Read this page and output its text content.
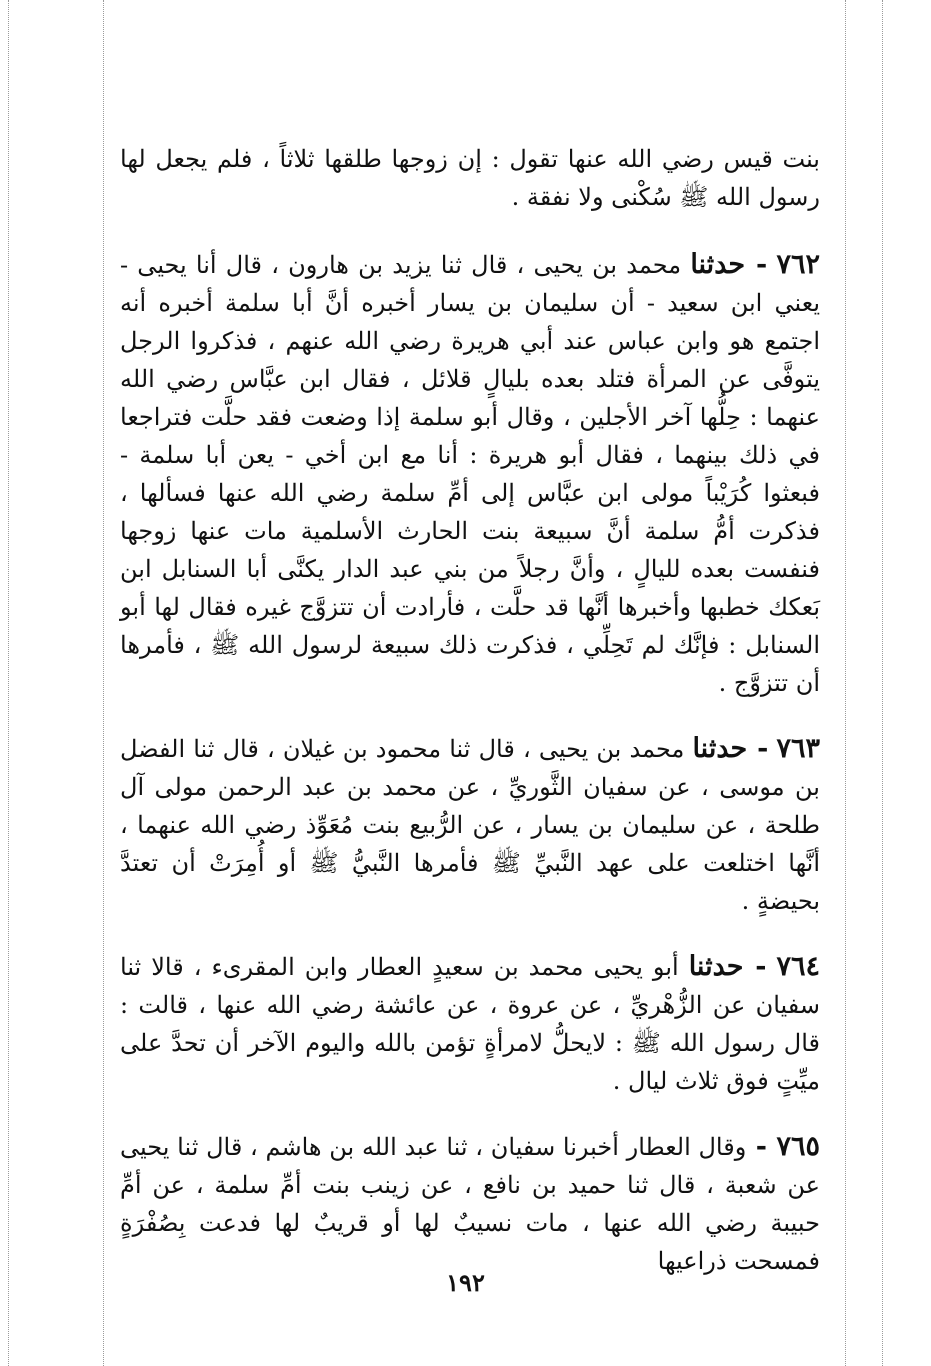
بنت قيس رضي الله عنها تقول : إن زوجها طلقها ثلاثاً ، فلم يجعل لها رسول الله ﷺ سُكْنى ولا نفقة .

٧٦٢ - حدثنا محمد بن يحيى ، قال ثنا يزيد بن هارون ، قال أنا يحيى - يعني ابن سعيد - أن سليمان بن يسار أخبره أنَّ أبا سلمة أخبره أنه اجتمع هو وابن عباس عند أبي هريرة رضي الله عنهم ، فذكروا الرجل يتوفَّى عن المرأة فتلد بعده بليالٍ قلائل ، فقال ابن عبَّاس رضي الله عنهما : حِلُّها آخر الأجلين ، وقال أبو سلمة إذا وضعت فقد حلَّت فتراجعا في ذلك بينهما ، فقال أبو هريرة : أنا مع ابن أخي - يعن أبا سلمة - فبعثوا كُرَيْباً مولى ابن عبَّاس إلى أمِّ سلمة رضي الله عنها فسألها ، فذكرت أمُّ سلمة أنَّ سبيعة بنت الحارث الأسلمية مات عنها زوجها فنفست بعده لليالٍ ، وأنَّ رجلاً من بني عبد الدار يكنَّى أبا السنابل ابن بَعكك خطبها وأخبرها أنَّها قد حلَّت ، فأرادت أن تتزوَّج غيره فقال لها أبو السنابل : فإنَّك لم تَحِلِّي ، فذكرت ذلك سبيعة لرسول الله ﷺ ، فأمرها أن تتزوَّج .

٧٦٣ - حدثنا محمد بن يحيى ، قال ثنا محمود بن غيلان ، قال ثنا الفضل بن موسى ، عن سفيان الثَّوريِّ ، عن محمد بن عبد الرحمن مولى آل طلحة ، عن سليمان بن يسار ، عن الرُّبيع بنت مُعَوِّذ رضي الله عنهما ، أنَّها اختلعت على عهد النَّبيِّ ﷺ فأمرها النَّبيُّ ﷺ أو أُمِرَتْ أن تعتدَّ بحيضةٍ .

٧٦٤ - حدثنا أبو يحيى محمد بن سعيدٍ العطار وابن المقرىء ، قالا ثنا سفيان عن الزُّهْريِّ ، عن عروة ، عن عائشة رضي الله عنها ، قالت : قال رسول الله ﷺ : لايحلُّ لامرأةٍ تؤمن بالله واليوم الآخر أن تحدَّ على ميِّتٍ فوق ثلاث ليال .

٧٦٥ - وقال العطار أخبرنا سفيان ، ثنا عبد الله بن هاشم ، قال ثنا يحيى عن شعبة ، قال ثنا حميد بن نافع ، عن زينب بنت أمِّ سلمة ، عن أمِّ حبيبة رضي الله عنها ، مات نسيبٌ لها أو قريبٌ لها فدعت بِصُفْرَةٍ فمسحت ذراعيها

١٩٢
